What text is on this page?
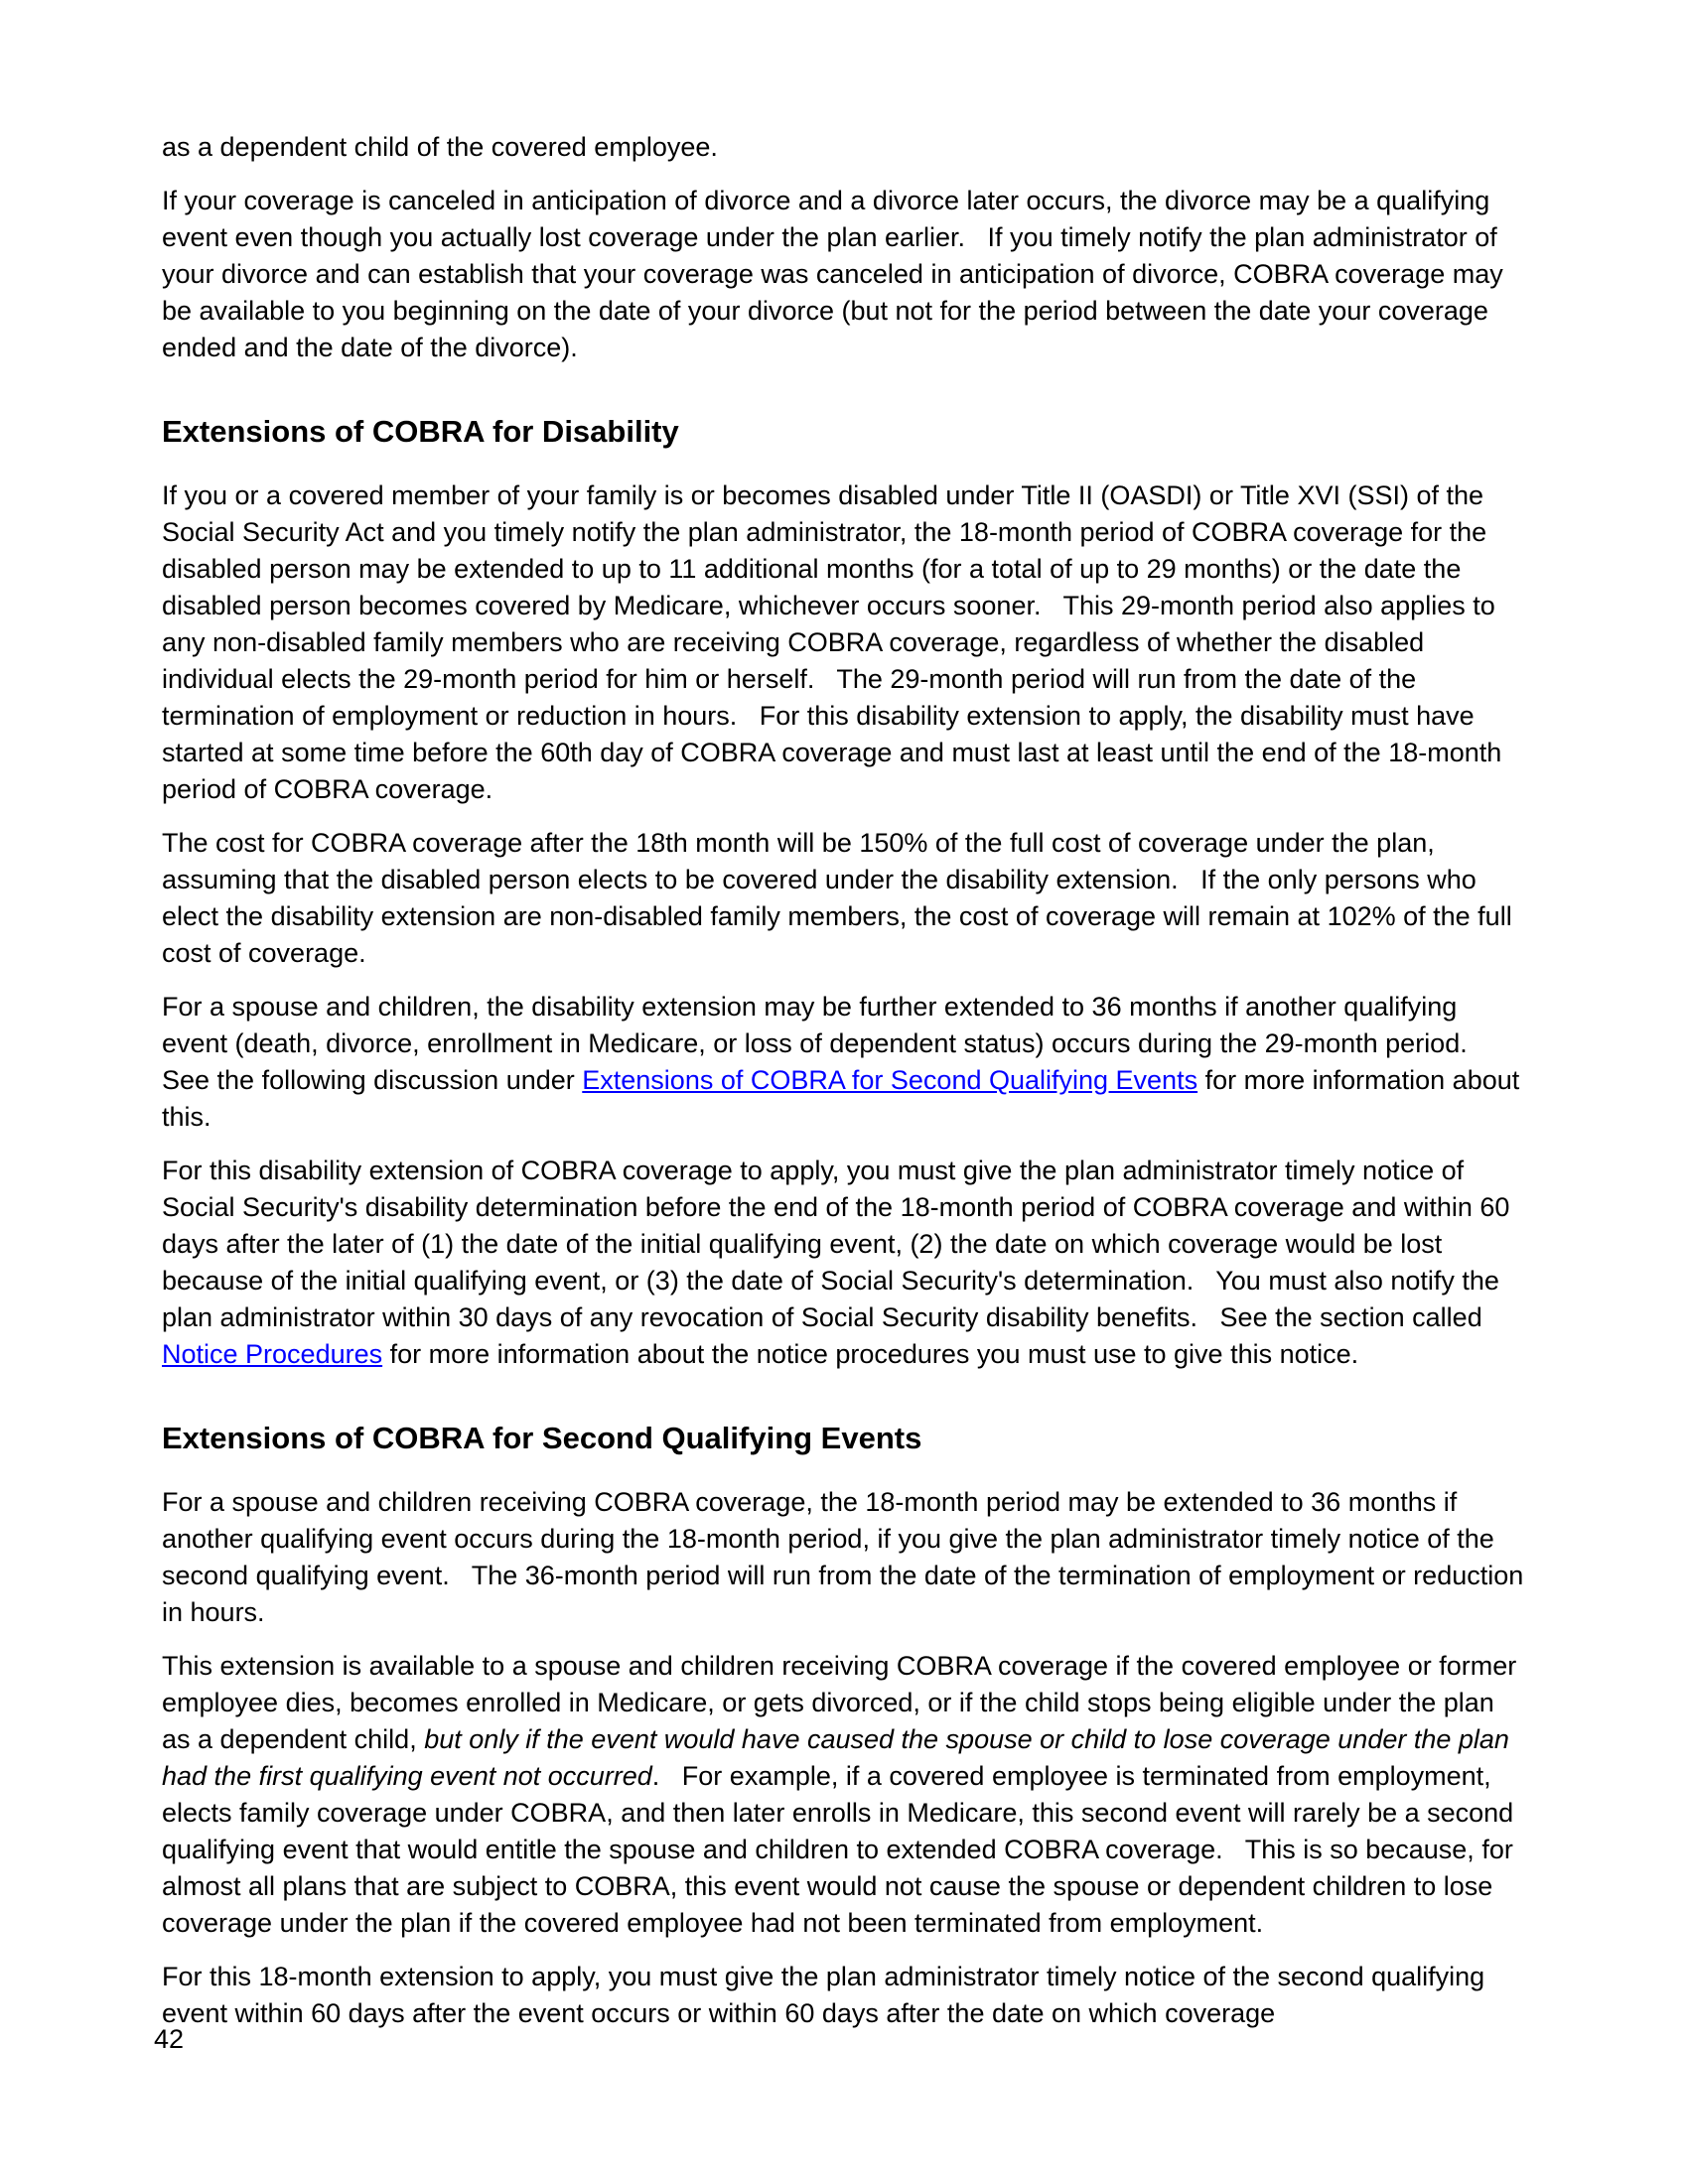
as a dependent child of the covered employee.

If your coverage is canceled in anticipation of divorce and a divorce later occurs, the divorce may be a qualifying event even though you actually lost coverage under the plan earlier.   If you timely notify the plan administrator of your divorce and can establish that your coverage was canceled in anticipation of divorce, COBRA coverage may be available to you beginning on the date of your divorce (but not for the period between the date your coverage ended and the date of the divorce).

Extensions of COBRA for Disability

If you or a covered member of your family is or becomes disabled under Title II (OASDI) or Title XVI (SSI) of the Social Security Act and you timely notify the plan administrator, the 18-month period of COBRA coverage for the disabled person may be extended to up to 11 additional months (for a total of up to 29 months) or the date the disabled person becomes covered by Medicare, whichever occurs sooner.   This 29-month period also applies to any non-disabled family members who are receiving COBRA coverage, regardless of whether the disabled individual elects the 29-month period for him or herself.   The 29-month period will run from the date of the termination of employment or reduction in hours.   For this disability extension to apply, the disability must have started at some time before the 60th day of COBRA coverage and must last at least until the end of the 18-month period of COBRA coverage.

The cost for COBRA coverage after the 18th month will be 150% of the full cost of coverage under the plan, assuming that the disabled person elects to be covered under the disability extension.   If the only persons who elect the disability extension are non-disabled family members, the cost of coverage will remain at 102% of the full cost of coverage.

For a spouse and children, the disability extension may be further extended to 36 months if another qualifying event (death, divorce, enrollment in Medicare, or loss of dependent status) occurs during the 29-month period.   See the following discussion under Extensions of COBRA for Second Qualifying Events for more information about this.

For this disability extension of COBRA coverage to apply, you must give the plan administrator timely notice of Social Security's disability determination before the end of the 18-month period of COBRA coverage and within 60 days after the later of (1) the date of the initial qualifying event, (2) the date on which coverage would be lost because of the initial qualifying event, or (3) the date of Social Security's determination.   You must also notify the plan administrator within 30 days of any revocation of Social Security disability benefits.   See the section called Notice Procedures for more information about the notice procedures you must use to give this notice.

Extensions of COBRA for Second Qualifying Events

For a spouse and children receiving COBRA coverage, the 18-month period may be extended to 36 months if another qualifying event occurs during the 18-month period, if you give the plan administrator timely notice of the second qualifying event.   The 36-month period will run from the date of the termination of employment or reduction in hours.

This extension is available to a spouse and children receiving COBRA coverage if the covered employee or former employee dies, becomes enrolled in Medicare, or gets divorced, or if the child stops being eligible under the plan as a dependent child, but only if the event would have caused the spouse or child to lose coverage under the plan had the first qualifying event not occurred.   For example, if a covered employee is terminated from employment, elects family coverage under COBRA, and then later enrolls in Medicare, this second event will rarely be a second qualifying event that would entitle the spouse and children to extended COBRA coverage.   This is so because, for almost all plans that are subject to COBRA, this event would not cause the spouse or dependent children to lose coverage under the plan if the covered employee had not been terminated from employment.

For this 18-month extension to apply, you must give the plan administrator timely notice of the second qualifying event within 60 days after the event occurs or within 60 days after the date on which coverage

42
